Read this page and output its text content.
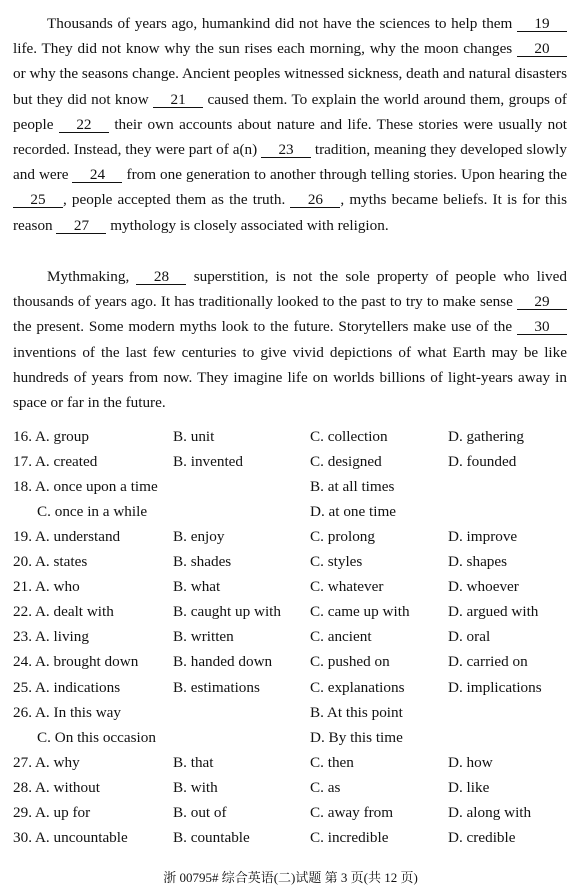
Thousands of years ago, humankind did not have the sciences to help them 19 life. They did not know why the sun rises each morning, why the moon changes 20 or why the seasons change. Ancient peoples witnessed sickness, death and natural disasters but they did not know 21 caused them. To explain the world around them, groups of people 22 their own accounts about nature and life. These stories were usually not recorded. Instead, they were part of a(n) 23 tradition, meaning they developed slowly and were 24 from one generation to another through telling stories. Upon hearing the 25 , people accepted them as the truth. 26 , myths became beliefs. It is for this reason 27 mythology is closely associated with religion.
Mythmaking, 28 superstition, is not the sole property of people who lived thousands of years ago. It has traditionally looked to the past to try to make sense 29 the present. Some modern myths look to the future. Storytellers make use of the 30 inventions of the last few centuries to give vivid depictions of what Earth may be like hundreds of years from now. They imagine life on worlds billions of light-years away in space or far in the future.
16. A. group	B. unit	C. collection	D. gathering
17. A. created	B. invented	C. designed	D. founded
18. A. once upon a time	B. at all times
C. once in a while	D. at one time
19. A. understand	B. enjoy	C. prolong	D. improve
20. A. states	B. shades	C. styles	D. shapes
21. A. who	B. what	C. whatever	D. whoever
22. A. dealt with	B. caught up with C. came up with	D. argued with
23. A. living	B. written	C. ancient	D. oral
24. A. brought down B. handed down C. pushed on	D. carried on
25. A. indications	B. estimations	C. explanations	D. implications
26. A. In this way	B. At this point
C. On this occasion	D. By this time
27. A. why	B. that	C. then	D. how
28. A. without	B. with	C. as	D. like
29. A. up for	B. out of	C. away from	D. along with
30. A. uncountable	B. countable	C. incredible	D. credible
浙 00795# 综合英语(二)试题 第 3 页(共 12 页)
